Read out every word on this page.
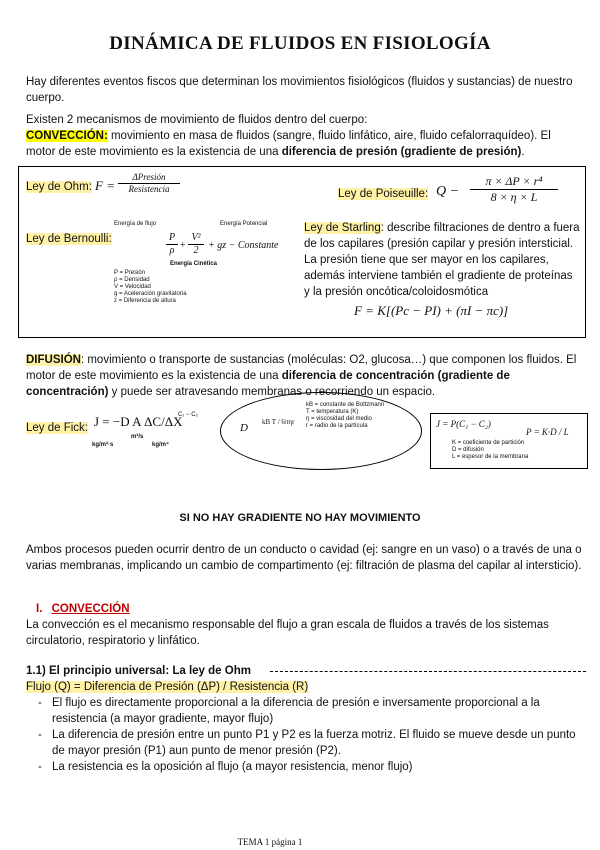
DINÁMICA DE FLUIDOS EN FISIOLOGÍA
Hay diferentes eventos fiscos que determinan los movimientos fisiológicos (fluidos y sustancias) de nuestro cuerpo.
Existen 2 mecanismos de movimiento de fluidos dentro del cuerpo:
CONVECCIÓN: movimiento en masa de fluidos (sangre, fluido linfático, aire, fluido cefalorraquídeo). El motor de este movimiento es la existencia de una diferencia de presión (gradiente de presión).
Ley de Ohm: F =
ΔPresión
Resistencia	Ley de Poiseuille: $Q - \frac{\text{π × ΔP × r⁴}}{8 \times \eta \times L}$
Ley de Bernoulli:
Energía de flujo	Energía Potencial
P
ρ +
V²
2 + gz − Constante
Energía Cinética
P = Presión
ρ = Densidad
V = Velocidad
g = Aceleración gravitatoria
z = Diferencia de altura
Ley de Starling: describe filtraciones de dentro a fuera de los capilares (presión capilar y presión intersticial. La presión tiene que ser mayor en los capilares, además interviene también el gradiente de proteínas y la presión oncótica/coloidosmótica
F = K[(Pc − PI) + (πI − πc)]
DIFUSIÓN: movimiento o transporte de sustancias (moléculas: O2, glucosa…) que componen los fluidos. El motor de este movimiento es la existencia de una diferencia de concentración (gradiente de concentración) y puede ser atravesando membranas o recorriendo un espacio.
Ley de Fick: J = −D A ΔC/ΔX
C₁ − C₂
kg/m²·s
m²/s
kg/m⁴
D kB T / 6πηr
kB = constante de Boltzmann
T = temperatura (K)
η = viscosidad del medio
r = radio de la partícula	J = P(C₁ − C₂)
P = K·D / L
K = coeficiente de partición
D = difusión
L = espesor de la membrana
SI NO HAY GRADIENTE NO HAY MOVIMIENTO
Ambos procesos pueden ocurrir dentro de un conducto o cavidad (ej: sangre en un vaso) o a través de una o varias membranas, implicando un cambio de compartimento (ej: filtración de plasma del capilar al intersticio).
I. CONVECCIÓN
La convección es el mecanismo responsable del flujo a gran escala de fluidos a través de los sistemas circulatorio, respiratorio y linfático.
1.1) El principio universal: La ley de Ohm
Flujo (Q) = Diferencia de Presión (ΔP) / Resistencia (R)
- El flujo es directamente proporcional a la diferencia de presión e inversamente proporcional a la resistencia (a mayor gradiente, mayor flujo)
- La diferencia de presión entre un punto P1 y P2 es la fuerza motriz. El fluido se mueve desde un punto de mayor presión (P1) aun punto de menor presión (P2).
- La resistencia es la oposición al flujo (a mayor resistencia, menor flujo)
TEMA 1 página 1
